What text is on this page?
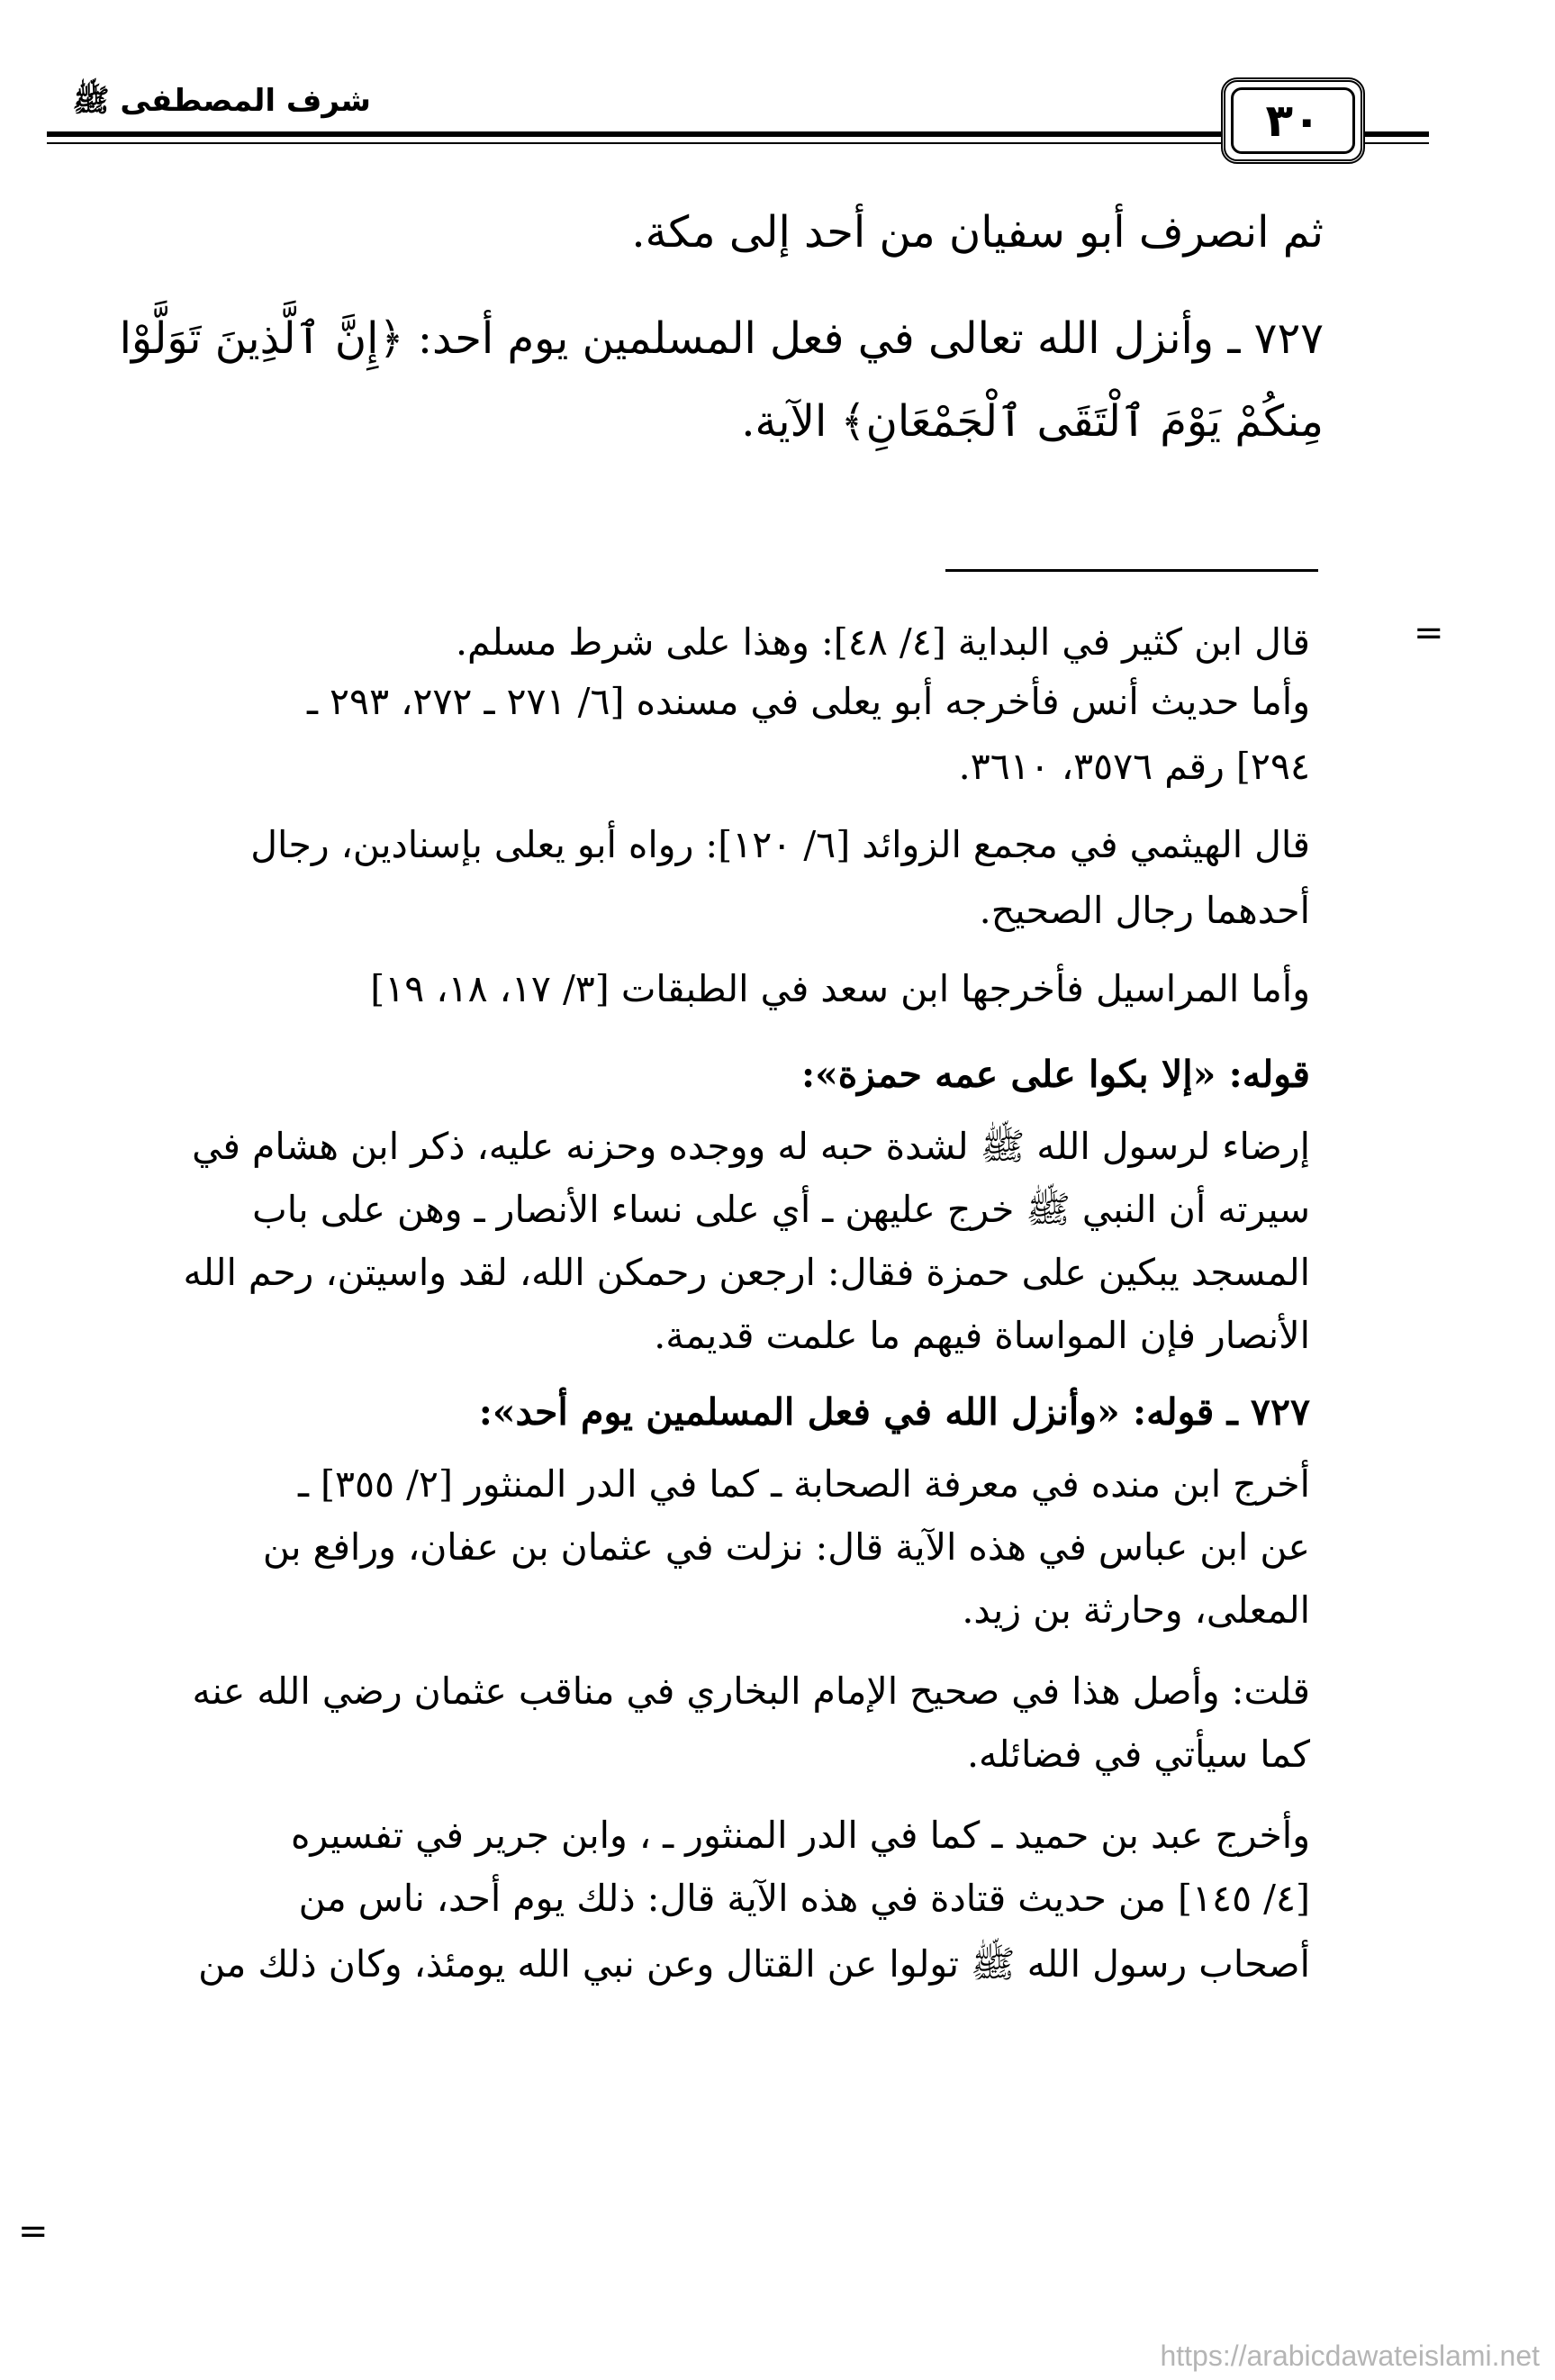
شرف المصطفى ﷺ	٣٠
ثم انصرف أبو سفيان من أحد إلى مكة.
٧٢٧ ـ وأنزل الله تعالى في فعل المسلمين يوم أحد: ﴿إِنَّ ٱلَّذِينَ تَوَلَّوْا
مِنكُمْ يَوْمَ ٱلْتَقَى ٱلْجَمْعَانِ﴾ الآية.
=
قال ابن كثير في البداية [٤/ ٤٨]: وهذا على شرط مسلم.
وأما حديث أنس فأخرجه أبو يعلى في مسنده [٦/ ٢٧١ ـ ٢٧٢، ٢٩٣ ـ
٢٩٤] رقم ٣٥٧٦، ٣٦١٠.
قال الهيثمي في مجمع الزوائد [٦/ ١٢٠]: رواه أبو يعلى بإسنادين، رجال
أحدهما رجال الصحيح.
وأما المراسيل فأخرجها ابن سعد في الطبقات [٣/ ١٧، ١٨، ١٩]
قوله: «إلا بكوا على عمه حمزة»:
إرضاء لرسول الله ﷺ لشدة حبه له ووجده وحزنه عليه، ذكر ابن هشام في
سيرته أن النبي ﷺ خرج عليهن ـ أي على نساء الأنصار ـ وهن على باب
المسجد يبكين على حمزة فقال: ارجعن رحمكن الله، لقد واسيتن، رحم الله
الأنصار فإن المواساة فيهم ما علمت قديمة.
٧٢٧ ـ قوله: «وأنزل الله في فعل المسلمين يوم أحد»:
أخرج ابن منده في معرفة الصحابة ـ كما في الدر المنثور [٢/ ٣٥٥] ـ
عن ابن عباس في هذه الآية قال: نزلت في عثمان بن عفان، ورافع بن
المعلى، وحارثة بن زيد.
قلت: وأصل هذا في صحيح الإمام البخاري في مناقب عثمان رضي الله عنه
كما سيأتي في فضائله.
وأخرج عبد بن حميد ـ كما في الدر المنثور ـ ، وابن جرير في تفسيره
[٤/ ١٤٥] من حديث قتادة في هذه الآية قال: ذلك يوم أحد، ناس من
أصحاب رسول الله ﷺ تولوا عن القتال وعن نبي الله يومئذ، وكان ذلك من
=
https://arabicdawateislami.net
